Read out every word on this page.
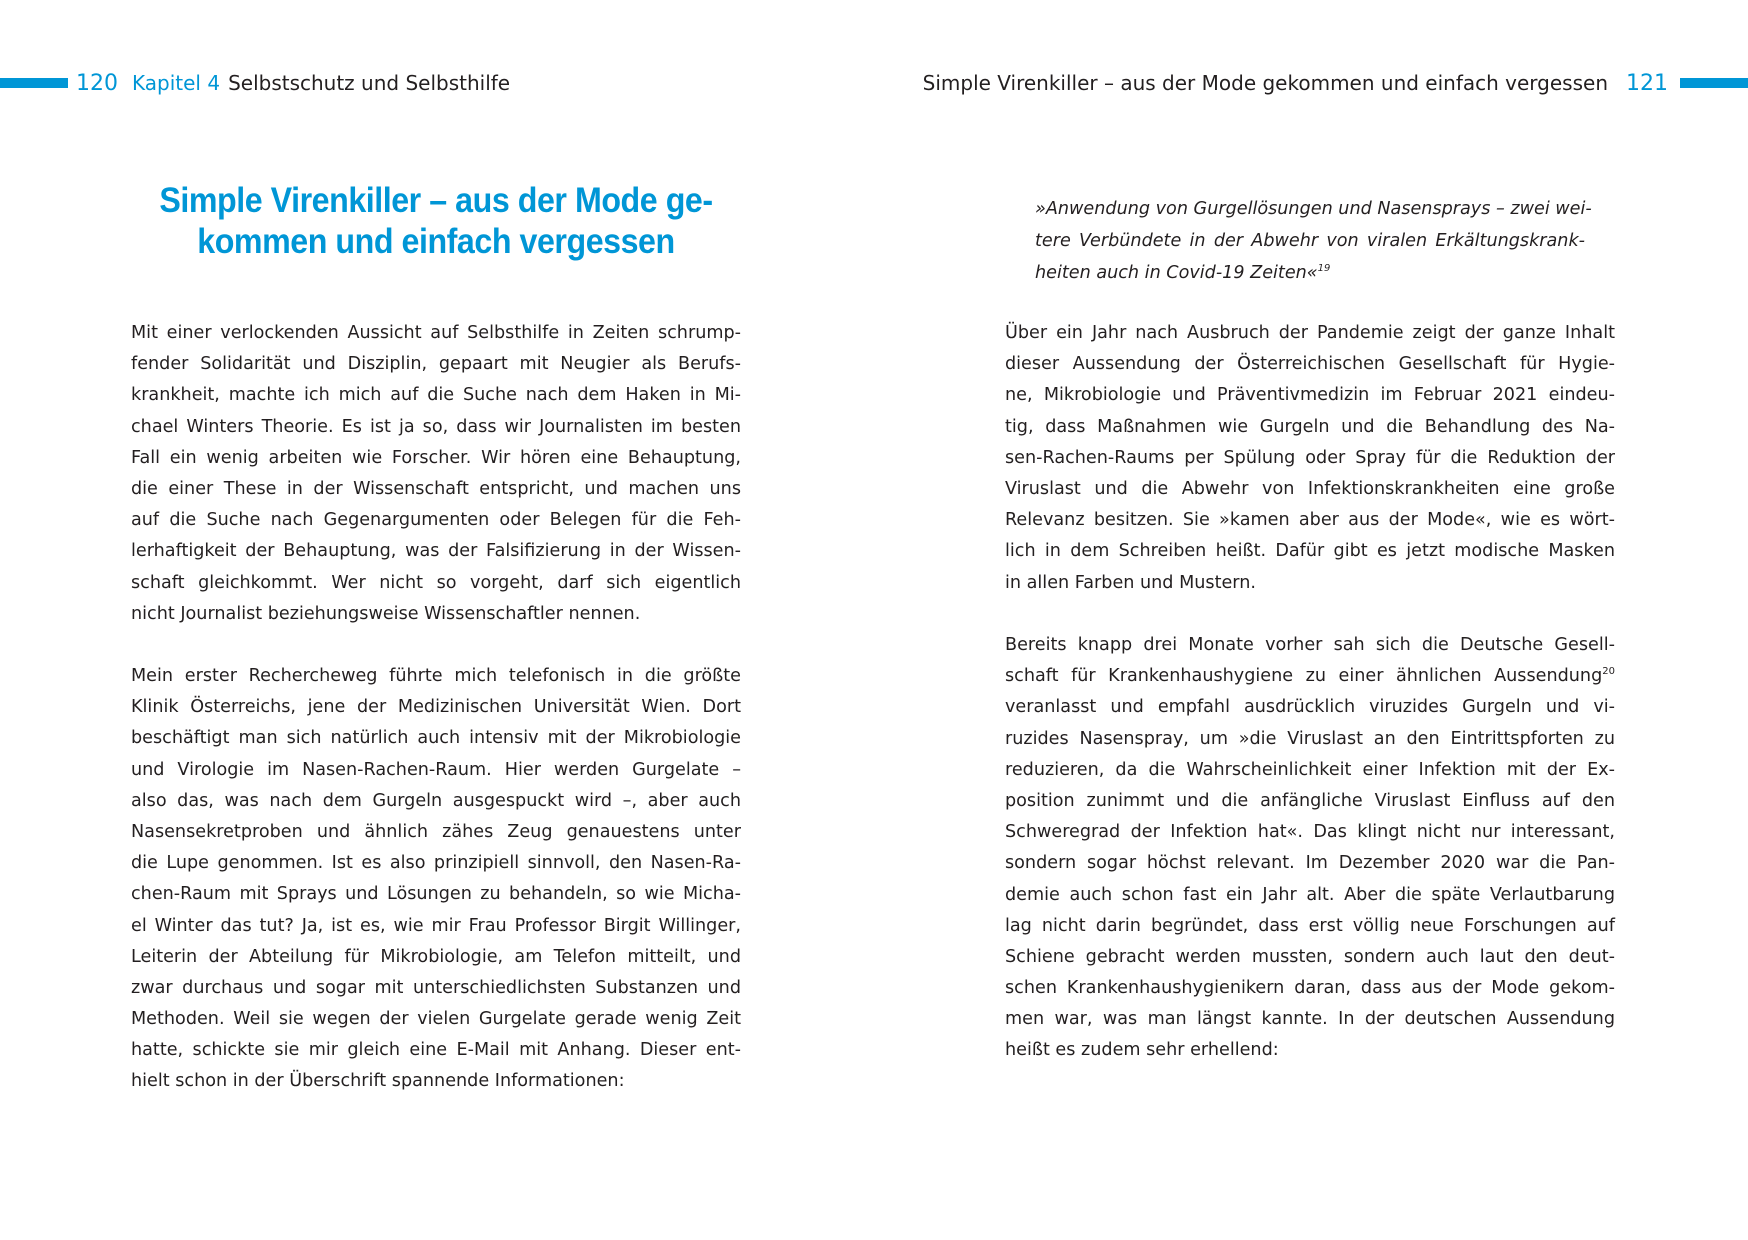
120 Kapitel 4 Selbstschutz und Selbsthilfe
Simple Virenkiller – aus der Mode ge-
kommen und einfach vergessen
Mit einer verlockenden Aussicht auf Selbsthilfe in Zeiten schrump-
fender Solidarität und Disziplin, gepaart mit Neugier als Berufs-
krankheit, machte ich mich auf die Suche nach dem Haken in Mi-
chael Winters Theorie. Es ist ja so, dass wir Journalisten im besten
Fall ein wenig arbeiten wie Forscher. Wir hören eine Behauptung,
die einer These in der Wissenschaft entspricht, und machen uns
auf die Suche nach Gegenargumenten oder Belegen für die Feh-
lerhaftigkeit der Behauptung, was der Falsifizierung in der Wissen-
schaft gleichkommt. Wer nicht so vorgeht, darf sich eigentlich
nicht Journalist beziehungsweise Wissenschaftler nennen.
Mein erster Rechercheweg führte mich telefonisch in die größte
Klinik Österreichs, jene der Medizinischen Universität Wien. Dort
beschäftigt man sich natürlich auch intensiv mit der Mikrobiologie
und Virologie im Nasen-Rachen-Raum. Hier werden Gurgelate –
also das, was nach dem Gurgeln ausgespuckt wird –, aber auch
Nasensekretproben und ähnlich zähes Zeug genauestens unter
die Lupe genommen. Ist es also prinzipiell sinnvoll, den Nasen-Ra-
chen-Raum mit Sprays und Lösungen zu behandeln, so wie Micha-
el Winter das tut? Ja, ist es, wie mir Frau Professor Birgit Willinger,
Leiterin der Abteilung für Mikrobiologie, am Telefon mitteilt, und
zwar durchaus und sogar mit unterschiedlichsten Substanzen und
Methoden. Weil sie wegen der vielen Gurgelate gerade wenig Zeit
hatte, schickte sie mir gleich eine E-Mail mit Anhang. Dieser ent-
hielt schon in der Überschrift spannende Informationen:
Simple Virenkiller – aus der Mode gekommen und einfach vergessen 121
»Anwendung von Gurgellösungen und Nasensprays – zwei wei-
tere Verbündete in der Abwehr von viralen Erkältungskrank-
heiten auch in Covid-19 Zeiten«$^{19}$
Über ein Jahr nach Ausbruch der Pandemie zeigt der ganze Inhalt
dieser Aussendung der Österreichischen Gesellschaft für Hygie-
ne, Mikrobiologie und Präventivmedizin im Februar 2021 eindeu-
tig, dass Maßnahmen wie Gurgeln und die Behandlung des Na-
sen-Rachen-Raums per Spülung oder Spray für die Reduktion der
Viruslast und die Abwehr von Infektionskrankheiten eine große
Relevanz besitzen. Sie »kamen aber aus der Mode«, wie es wört-
lich in dem Schreiben heißt. Dafür gibt es jetzt modische Masken
in allen Farben und Mustern.
Bereits knapp drei Monate vorher sah sich die Deutsche Gesell-
schaft für Krankenhaushygiene zu einer ähnlichen Aussendung$^{20}$
veranlasst und empfahl ausdrücklich viruzides Gurgeln und vi-
ruzides Nasenspray, um »die Viruslast an den Eintrittspforten zu
reduzieren, da die Wahrscheinlichkeit einer Infektion mit der Ex-
position zunimmt und die anfängliche Viruslast Einfluss auf den
Schweregrad der Infektion hat«. Das klingt nicht nur interessant,
sondern sogar höchst relevant. Im Dezember 2020 war die Pan-
demie auch schon fast ein Jahr alt. Aber die späte Verlautbarung
lag nicht darin begründet, dass erst völlig neue Forschungen auf
Schiene gebracht werden mussten, sondern auch laut den deut-
schen Krankenhaushygienikern daran, dass aus der Mode gekom-
men war, was man längst kannte. In der deutschen Aussendung
heißt es zudem sehr erhellend:
